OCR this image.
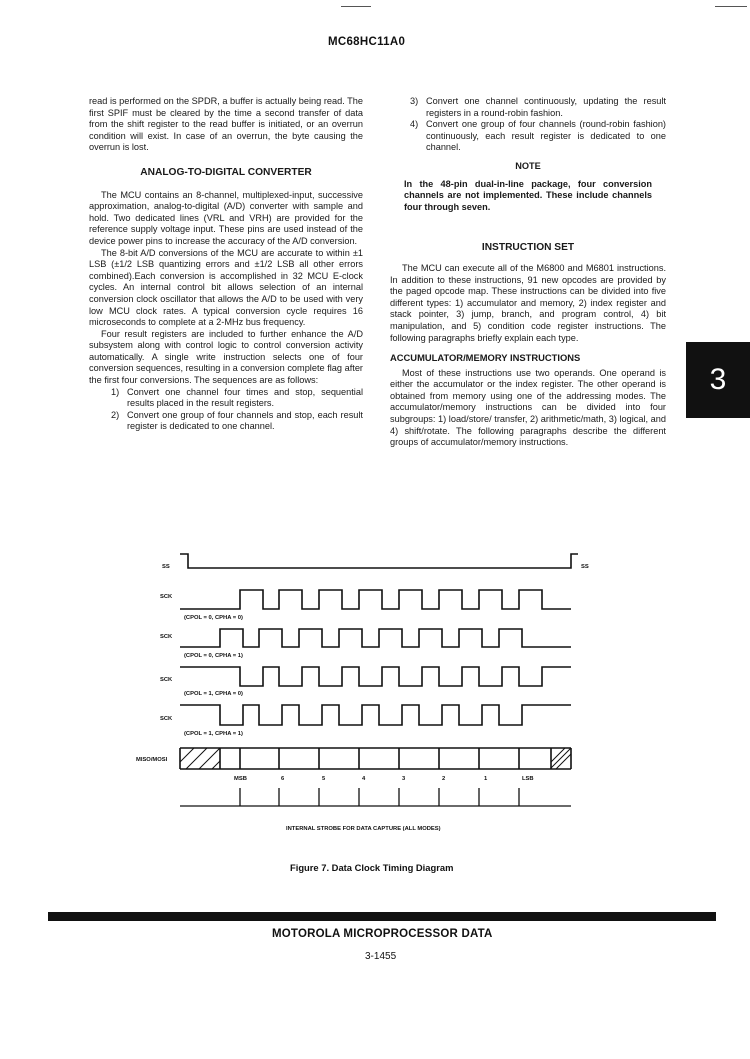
MC68HC11A0

read is performed on the SPDR, a buffer is actually being read. The first SPIF must be cleared by the time a second transfer of data from the shift register to the read buffer is initiated, or an overrun condition will exist. In case of an overrun, the byte causing the overrun is lost.

ANALOG-TO-DIGITAL CONVERTER

The MCU contains an 8-channel, multiplexed-input, successive approximation, analog-to-digital (A/D) converter with sample and hold. Two dedicated lines (VRL and VRH) are provided for the reference supply voltage input. These pins are used instead of the device power pins to increase the accuracy of the A/D conversion.

The 8-bit A/D conversions of the MCU are accurate to within ±1 LSB (±1/2 LSB quantizing errors and ±1/2 LSB all other errors combined).Each conversion is accomplished in 32 MCU E-clock cycles. An internal control bit allows selection of an internal conversion clock oscillator that allows the A/D to be used with very low MCU clock rates. A typical conversion cycle requires 16 microseconds to complete at a 2-MHz bus frequency.

Four result registers are included to further enhance the A/D subsystem along with control logic to control conversion activity automatically. A single write instruction selects one of four conversion sequences, resulting in a conversion complete flag after the first four conversions. The sequences are as follows:

1) Convert one channel four times and stop, sequential results placed in the result registers.
2) Convert one group of four channels and stop, each result register is dedicated to one channel.
3) Convert one channel continuously, updating the result registers in a round-robin fashion.
4) Convert one group of four channels (round-robin fashion) continuously, each result register is dedicated to one channel.
NOTE

In the 48-pin dual-in-line package, four conversion channels are not implemented. These include channels four through seven.

INSTRUCTION SET

The MCU can execute all of the M6800 and M6801 instructions. In addition to these instructions, 91 new opcodes are provided by the paged opcode map. These instructions can be divided into five different types: 1) accumulator and memory, 2) index register and stack pointer, 3) jump, branch, and program control, 4) bit manipulation, and 5) condition code register instructions. The following paragraphs briefly explain each type.

ACCUMULATOR/MEMORY INSTRUCTIONS

Most of these instructions use two operands. One operand is either the accumulator or the index register. The other operand is obtained from memory using one of the addressing modes. The accumulator/memory instructions can be divided into four subgroups: 1) load/store/ transfer, 2) arithmetic/math, 3) logical, and 4) shift/rotate. The following paragraphs describe the different groups of accumulator/memory instructions.

3
SS	SS
SCK
(CPOL = 0, CPHA = 0)
SCK
(CPOL = 0, CPHA = 1)
SCK
(CPOL = 1, CPHA = 0)
SCK
(CPOL = 1, CPHA = 1)
MISO/MOSI
MSB	6	5	4	3	2	1	LSB
INTERNAL STROBE FOR DATA CAPTURE (ALL MODES)
Figure 7. Data Clock Timing Diagram
MOTOROLA MICROPROCESSOR DATA
3-1455
